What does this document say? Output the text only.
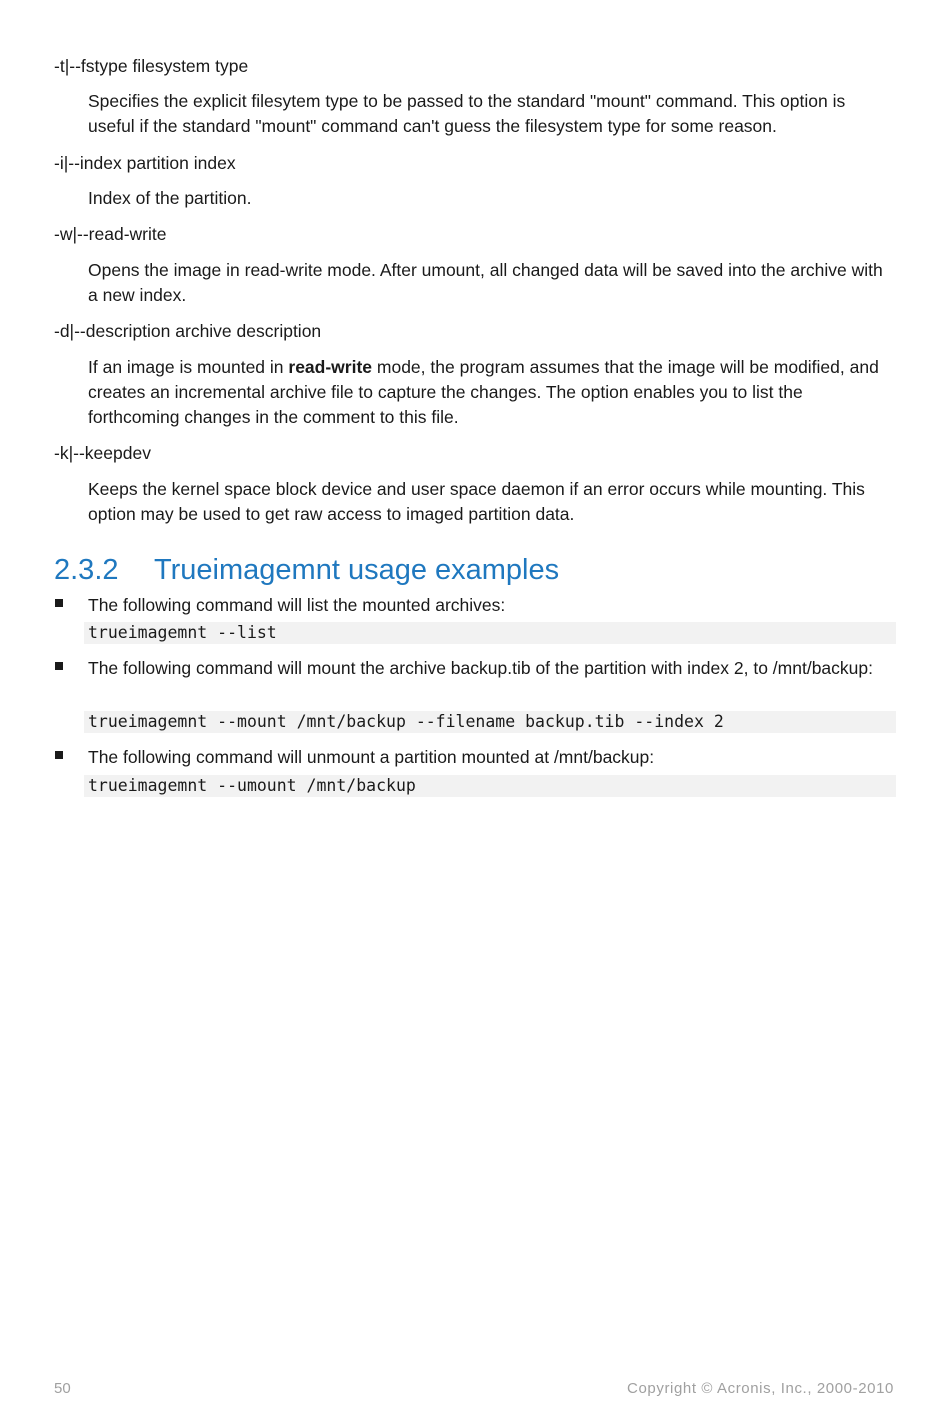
-t|--fstype filesystem type

Specifies the explicit filesytem type to be passed to the standard "mount" command. This option is useful if the standard "mount" command can't guess the filesystem type for some reason.

-i|--index partition index

Index of the partition.

-w|--read-write

Opens the image in read-write mode. After umount, all changed data will be saved into the archive with a new index.

-d|--description archive description

If an image is mounted in read-write mode, the program assumes that the image will be modified, and creates an incremental archive file to capture the changes. The option enables you to list the forthcoming changes in the comment to this file.

-k|--keepdev

Keeps the kernel space block device and user space daemon if an error occurs while mounting. This option may be used to get raw access to imaged partition data.

2.3.2 Trueimagemnt usage examples

The following command will list the mounted archives:

trueimagemnt --list

The following command will mount the archive backup.tib of the partition with index 2, to /mnt/backup:

trueimagemnt --mount /mnt/backup --filename backup.tib --index 2

The following command will unmount a partition mounted at /mnt/backup:

trueimagemnt --umount /mnt/backup
50	Copyright © Acronis, Inc., 2000-2010
